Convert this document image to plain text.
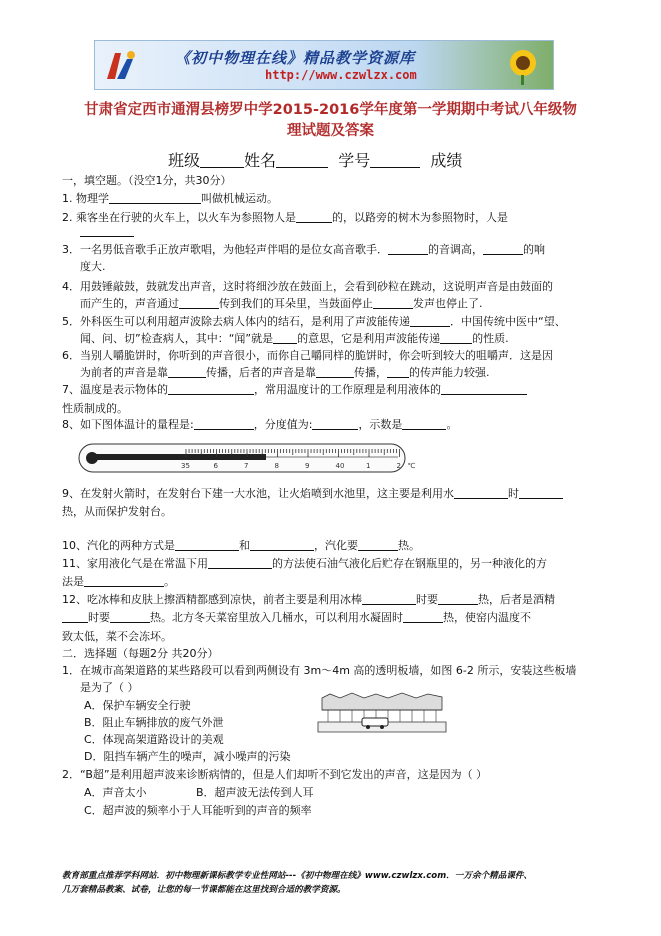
《初中物理在线》精品教学资源库
http://www.czwlzx.com
甘肃省定西市通渭县榜罗中学2015-2016学年度第一学期期中考试八年级物
理试题及答案
班级	姓名	学号	成绩
一，填空题。（没空1分，共30分）
1. 物理学	叫做机械运动。
2. 乘客坐在行驶的火车上，以火车为参照物人是	的，以路旁的树木为参照物时，人是
3．一名男低音歌手正放声歌唱，为他轻声伴唱的是位女高音歌手．	的音调高，	的响
度大.
4．用鼓锤敲鼓，鼓就发出声音，这时将细沙放在鼓面上，会看到砂粒在跳动，这说明声音是由鼓面的
而产生的，声音通过	传到我们的耳朵里，当鼓面停止	发声也停止了.
5．外科医生可以利用超声波除去病人体内的结石，是利用了声波能传递	．中国传统中医中“望、
闻、问、切”检查病人，其中：“闻”就是 的意思，它是利用声波能传递	的性质.
6．当别人嚼脆饼时，你听到的声音很小，而你自己嚼同样的脆饼时，你会听到较大的咀嚼声．这是因
为前者的声音是靠	传播，后者的声音是靠	传播， 的传声能力较强.
7、温度是表示物体的	，常用温度计的工作原理是利用液体的
性质制成的。
8、如下图体温计的量程是:	，分度值为:	，示数是	。
35	6	7	8	9	40	1	2 ℃
9、在发射火箭时，在发射台下建一大水池，让火焰喷到水池里，这主要是利用水	时
热，从而保护发射台。
10、汽化的两种方式是	和	，汽化要	热。
11、家用液化气是在常温下用	的方法使石油气液化后贮存在钢瓶里的，另一种液化的方
法是	。
12、吃冰棒和皮肤上擦酒精都感到凉快，前者主要是利用冰棒	时要	热，后者是酒精
时要	热。北方冬天菜窑里放入几桶水，可以利用水凝固时	热，使窑内温度不
致太低，菜不会冻坏。
二．选择题（每题2分 共20分）
1．在城市高架道路的某些路段可以看到两侧设有 3m～4m 高的透明板墙，如图 6-2 所示，安装这些板墙
是为了（ ）
A．保护车辆安全行驶
B．阻止车辆排放的废气外泄
C．体现高架道路设计的美观
D．阻挡车辆产生的噪声，减小噪声的污染
2．“B超”是利用超声波来诊断病情的，但是人们却听不到它发出的声音，这是因为（ ）
A．声音太小	B．超声波无法传到人耳
C．超声波的频率小于人耳能听到的声音的频率
教育部重点推荐学科网站．初中物理新课标教学专业性网站---《初中物理在线》www.czwlzx.com．一万余个精品课件、
几万套精品教案、试卷，让您的每一节课都能在这里找到合适的教学资源。
